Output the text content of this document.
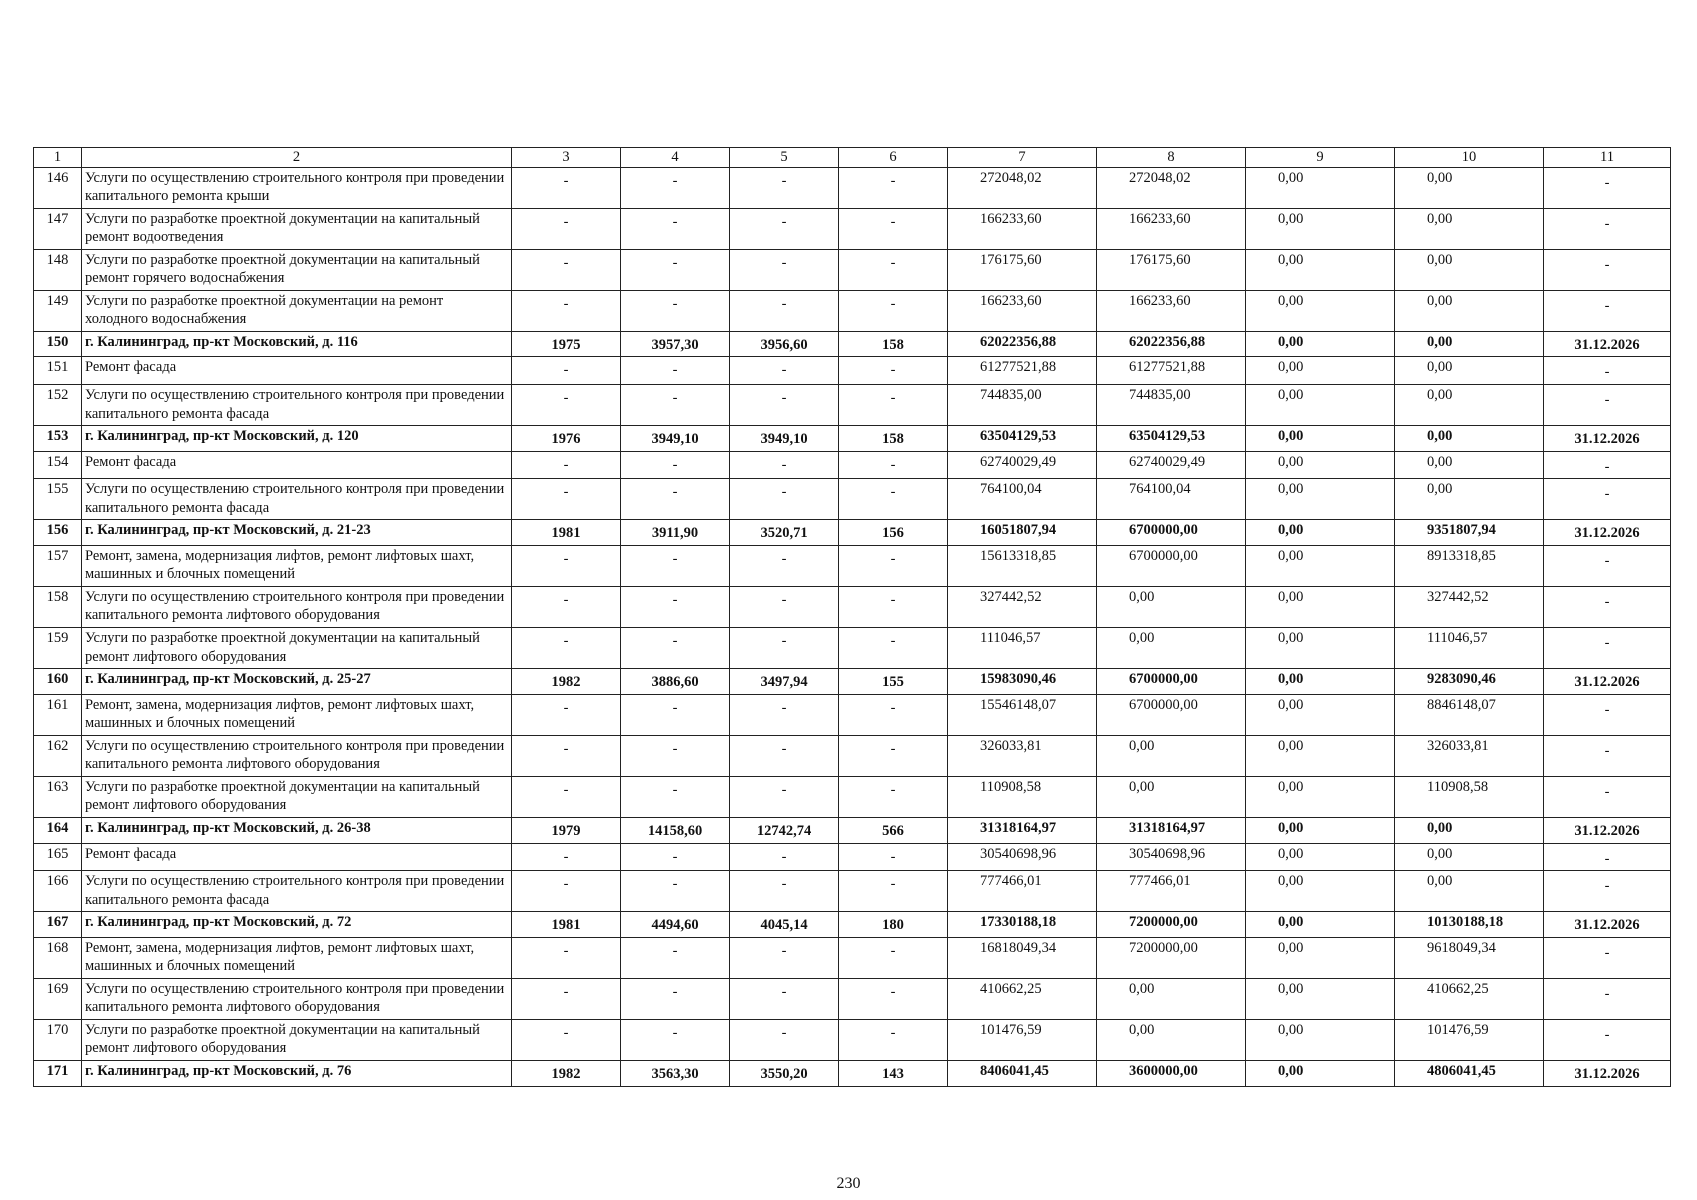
1	2	3	4	5	6	7	8	9	10	11
146	Услуги по осуществлению строительного контроля при проведении капитального ремонта крыши	-	-	-	-	272048,02	272048,02	0,00	0,00	-
147	Услуги по разработке проектной документации на капитальный ремонт водоотведения	-	-	-	-	166233,60	166233,60	0,00	0,00	-
148	Услуги по разработке проектной документации на капитальный ремонт горячего водоснабжения	-	-	-	-	176175,60	176175,60	0,00	0,00	-
149	Услуги по разработке проектной документации на ремонт холодного водоснабжения	-	-	-	-	166233,60	166233,60	0,00	0,00	-
150	г. Калининград, пр-кт Московский, д. 116	1975	3957,30	3956,60	158	62022356,88	62022356,88	0,00	0,00	31.12.2026
151	Ремонт фасада	-	-	-	-	61277521,88	61277521,88	0,00	0,00	-
152	Услуги по осуществлению строительного контроля при проведении капитального ремонта фасада	-	-	-	-	744835,00	744835,00	0,00	0,00	-
153	г. Калининград, пр-кт Московский, д. 120	1976	3949,10	3949,10	158	63504129,53	63504129,53	0,00	0,00	31.12.2026
154	Ремонт фасада	-	-	-	-	62740029,49	62740029,49	0,00	0,00	-
155	Услуги по осуществлению строительного контроля при проведении капитального ремонта фасада	-	-	-	-	764100,04	764100,04	0,00	0,00	-
156	г. Калининград, пр-кт Московский, д. 21-23	1981	3911,90	3520,71	156	16051807,94	6700000,00	0,00	9351807,94	31.12.2026
157	Ремонт, замена, модернизация лифтов, ремонт лифтовых шахт, машинных и блочных помещений	-	-	-	-	15613318,85	6700000,00	0,00	8913318,85	-
158	Услуги по осуществлению строительного контроля при проведении капитального ремонта лифтового оборудования	-	-	-	-	327442,52	0,00	0,00	327442,52	-
159	Услуги по разработке проектной документации на капитальный ремонт лифтового оборудования	-	-	-	-	111046,57	0,00	0,00	111046,57	-
160	г. Калининград, пр-кт Московский, д. 25-27	1982	3886,60	3497,94	155	15983090,46	6700000,00	0,00	9283090,46	31.12.2026
161	Ремонт, замена, модернизация лифтов, ремонт лифтовых шахт, машинных и блочных помещений	-	-	-	-	15546148,07	6700000,00	0,00	8846148,07	-
162	Услуги по осуществлению строительного контроля при проведении капитального ремонта лифтового оборудования	-	-	-	-	326033,81	0,00	0,00	326033,81	-
163	Услуги по разработке проектной документации на капитальный ремонт лифтового оборудования	-	-	-	-	110908,58	0,00	0,00	110908,58	-
164	г. Калининград, пр-кт Московский, д. 26-38	1979	14158,60	12742,74	566	31318164,97	31318164,97	0,00	0,00	31.12.2026
165	Ремонт фасада	-	-	-	-	30540698,96	30540698,96	0,00	0,00	-
166	Услуги по осуществлению строительного контроля при проведении капитального ремонта фасада	-	-	-	-	777466,01	777466,01	0,00	0,00	-
167	г. Калининград, пр-кт Московский, д. 72	1981	4494,60	4045,14	180	17330188,18	7200000,00	0,00	10130188,18	31.12.2026
168	Ремонт, замена, модернизация лифтов, ремонт лифтовых шахт, машинных и блочных помещений	-	-	-	-	16818049,34	7200000,00	0,00	9618049,34	-
169	Услуги по осуществлению строительного контроля при проведении капитального ремонта лифтового оборудования	-	-	-	-	410662,25	0,00	0,00	410662,25	-
170	Услуги по разработке проектной документации на капитальный ремонт лифтового оборудования	-	-	-	-	101476,59	0,00	0,00	101476,59	-
171	г. Калининград, пр-кт Московский, д. 76	1982	3563,30	3550,20	143	8406041,45	3600000,00	0,00	4806041,45	31.12.2026
230
